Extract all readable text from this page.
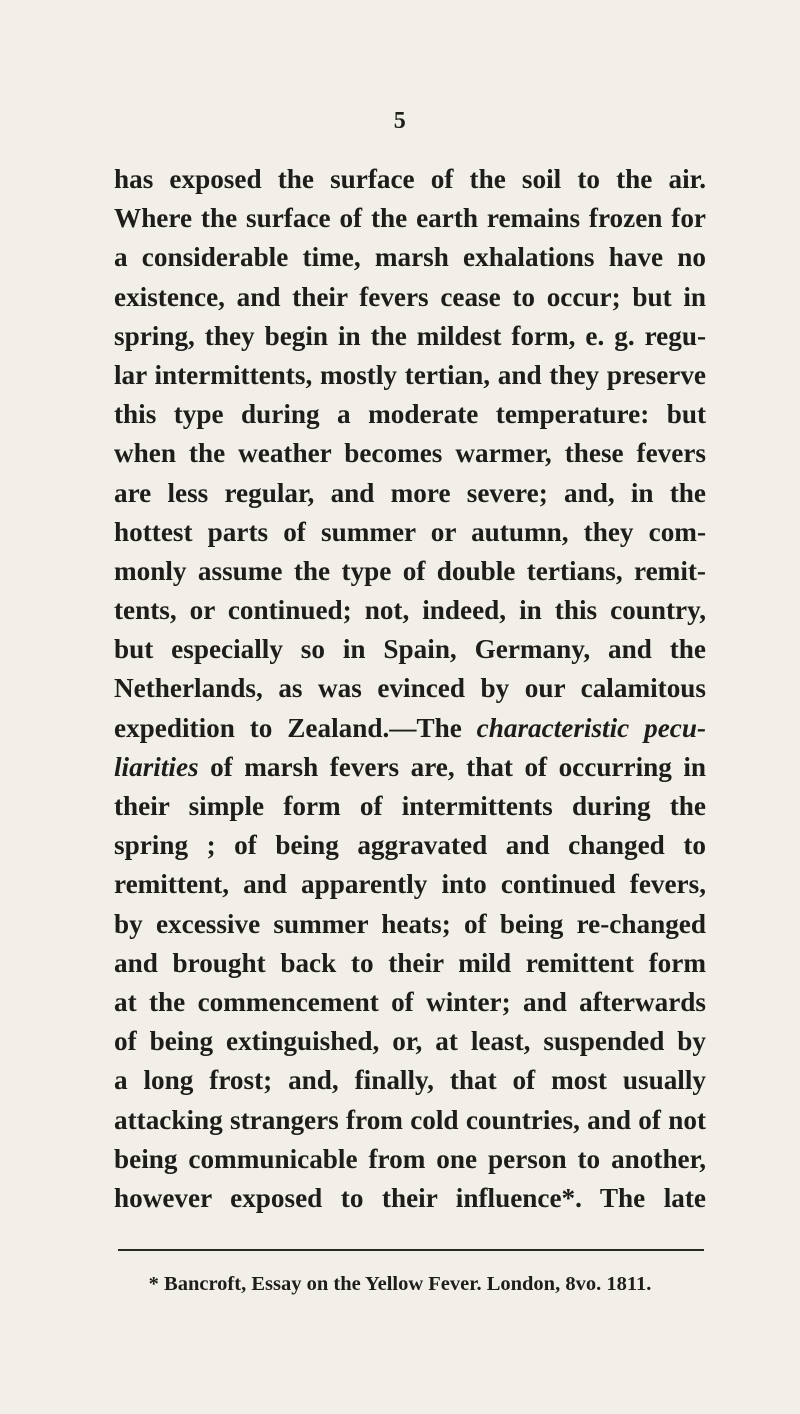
5
has exposed the surface of the soil to the air.
Where the surface of the earth remains frozen for
a considerable time, marsh exhalations have no
existence, and their fevers cease to occur; but in
spring, they begin in the mildest form, e. g. regu-
lar intermittents, mostly tertian, and they preserve
this type during a moderate temperature: but
when the weather becomes warmer, these fevers
are less regular, and more severe; and, in the
hottest parts of summer or autumn, they com-
monly assume the type of double tertians, remit-
tents, or continued; not, indeed, in this country,
but especially so in Spain, Germany, and the
Netherlands, as was evinced by our calamitous
expedition to Zealand.—The characteristic pecu-
liarities of marsh fevers are, that of occurring in
their simple form of intermittents during the
spring ; of being aggravated and changed to
remittent, and apparently into continued fevers,
by excessive summer heats; of being re-changed
and brought back to their mild remittent form
at the commencement of winter; and afterwards
of being extinguished, or, at least, suspended by
a long frost; and, finally, that of most usually
attacking strangers from cold countries, and of not
being communicable from one person to another,
however exposed to their influence*. The late
* Bancroft, Essay on the Yellow Fever. London, 8vo. 1811.
